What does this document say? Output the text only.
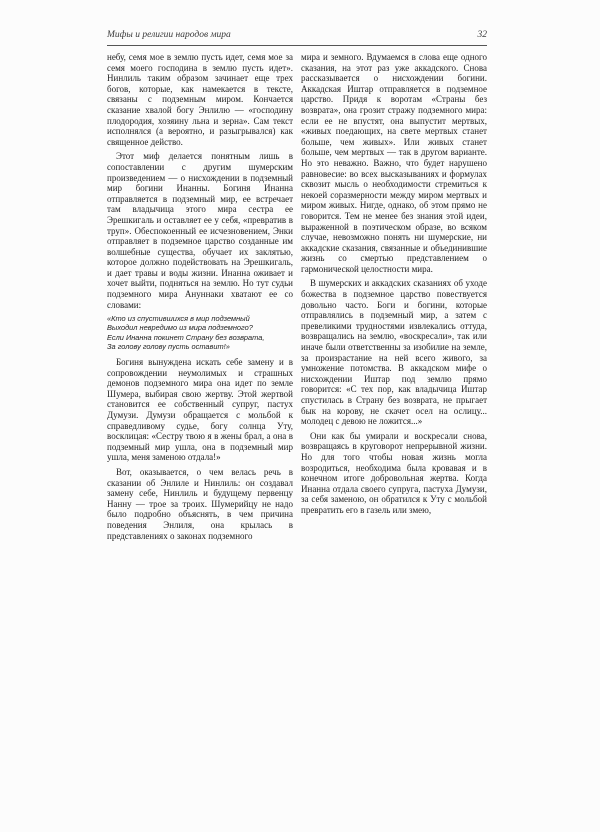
Мифы и религии народов мира	32

небу, семя мое в землю пусть идет, семя мое за семя моего господина в землю пусть идет». Нинлиль таким образом зачинает еще трех богов, которые, как намекается в тексте, связаны с подземным миром. Кончается сказание хвалой богу Энлилю — «господину плодородия, хозяину льна и зерна». Сам текст исполнялся (а вероятно, и разыгрывался) как священное действо.

Этот миф делается понятным лишь в сопоставлении с другим шумерским произведением — о нисхождении в подземный мир богини Инанны. Богиня Инанна отправляется в подземный мир, ее встречает там владычица этого мира сестра ее Эрешкигаль и оставляет ее у себя, «превратив в труп». Обеспокоенный ее исчезновением, Энки отправляет в подземное царство созданные им волшебные существа, обучает их заклятью, которое должно подействовать на Эрешкигаль, и дает травы и воды жизни. Инанна оживает и хочет выйти, подняться на землю. Но тут судьи подземного мира Ануннаки хватают ее со словами:

«Кто из спустившихся в мир подземный
Выходил невредимо из мира подземного?
Если Инанна покинет Страну без возврата,
За голову голову пусть оставит!»

Богиня вынуждена искать себе замену и в сопровождении неумолимых и страшных демонов подземного мира она идет по земле Шумера, выбирая свою жертву. Этой жертвой становится ее собственный супруг, пастух Думузи. Думузи обращается с мольбой к справедливому судье, богу солнца Уту, восклицая: «Сестру твою я в жены брал, а она в подземный мир ушла, она в подземный мир ушла, меня заменою отдала!»

Вот, оказывается, о чем велась речь в сказании об Энлиле и Нинлиль: он создавал замену себе, Нинлиль и будущему первенцу Нанну — трое за троих. Шумерийцу не надо было подробно объяснять, в чем причина поведения Энлиля, она крылась в представлениях о законах подземного

мира и земного. Вдумаемся в слова еще одного сказания, на этот раз уже аккадского. Снова рассказывается о нисхождении богини. Аккадская Иштар отправляется в подземное царство. Придя к воротам «Страны без возврата», она грозит стражу подземного мира: если ее не впустят, она выпустит мертвых, «живых поедающих, на свете мертвых станет больше, чем живых». Или живых станет больше, чем мертвых — так в другом варианте. Но это неважно. Важно, что будет нарушено равновесие: во всех высказываниях и формулах сквозит мысль о необходимости стремиться к некоей соразмерности между миром мертвых и миром живых. Нигде, однако, об этом прямо не говорится. Тем не менее без знания этой идеи, выраженной в поэтическом образе, во всяком случае, невозможно понять ни шумерские, ни аккадские сказания, связанные и объединившие жизнь со смертью представлением о гармонической целостности мира.

В шумерских и аккадских сказаниях об уходе божества в подземное царство повествуется довольно часто. Боги и богини, которые отправлялись в подземный мир, а затем с превеликими трудностями извлекались оттуда, возвращались на землю, «воскресали», так или иначе были ответственны за изобилие на земле, за произрастание на ней всего живого, за умножение потомства. В аккадском мифе о нисхождении Иштар под землю прямо говорится: «С тех пор, как владычица Иштар спустилась в Страну без возврата, не прыгает бык на корову, не скачет осел на ослицу... молодец с девою не ложится...»

Они как бы умирали и воскресали снова, возвращаясь в круговорот непрерывной жизни. Но для того чтобы новая жизнь могла возродиться, необходима была кровавая и в конечном итоге добровольная жертва. Когда Инанна отдала своего супруга, пастуха Думузи, за себя заменою, он обратился к Уту с мольбой превратить его в газель или змею,
